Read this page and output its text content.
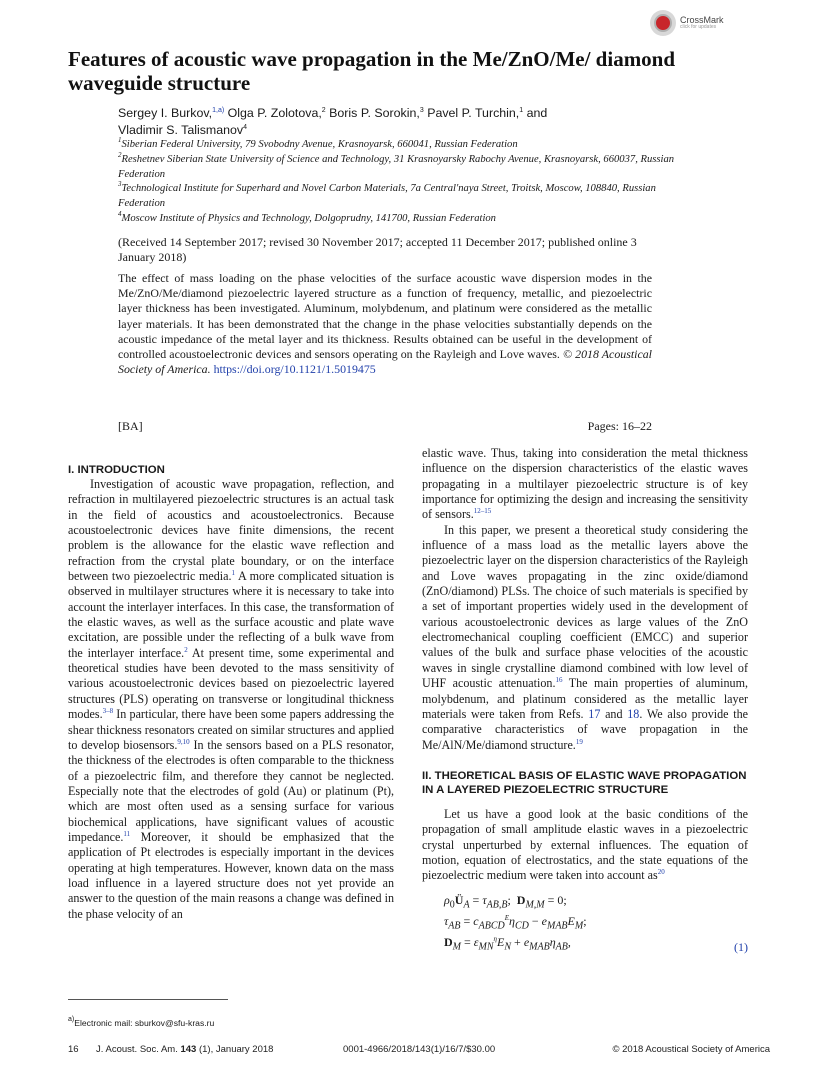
CrossMark
click for updates
Features of acoustic wave propagation in the Me/ZnO/Me/ diamond waveguide structure
Sergey I. Burkov,$^{1,a)}$ Olga P. Zolotova,$^2$ Boris P. Sorokin,$^3$ Pavel P. Turchin,$^1$ and
Vladimir S. Talismanov$^4$
$^1$Siberian Federal University, 79 Svobodny Avenue, Krasnoyarsk, 660041, Russian Federation
$^2$Reshetnev Siberian State University of Science and Technology, 31 Krasnoyarsky Rabochy Avenue, Krasnoyarsk, 660037, Russian Federation
$^3$Technological Institute for Superhard and Novel Carbon Materials, 7a Central'naya Street, Troitsk, Moscow, 108840, Russian Federation
$^4$Moscow Institute of Physics and Technology, Dolgoprudny, 141700, Russian Federation
(Received 14 September 2017; revised 30 November 2017; accepted 11 December 2017; published online 3 January 2018)
The effect of mass loading on the phase velocities of the surface acoustic wave dispersion modes in the Me/ZnO/Me/diamond piezoelectric layered structure as a function of frequency, metallic, and piezoelectric layer thickness has been investigated. Aluminum, molybdenum, and platinum were considered as the metallic layer materials. It has been demonstrated that the change in the phase velocities substantially depends on the acoustic impedance of the metal layer and its thickness. Results obtained can be useful in the development of controlled acoustoelectronic devices and sensors operating on the Rayleigh and Love waves. © 2018 Acoustical Society of America. https://doi.org/10.1121/1.5019475
[BA]	Pages: 16–22

I. INTRODUCTION

Investigation of acoustic wave propagation, reflection, and refraction in multilayered piezoelectric structures is an actual task in the field of acoustics and acoustoelectronics. Because acoustoelectronic devices have finite dimensions, the recent problem is the allowance for the elastic wave reflection and refraction from the crystal plate boundary, or on the interface between two piezoelectric media.$^1$ A more complicated situation is observed in multilayer structures where it is necessary to take into account the interlayer interfaces. In this case, the transformation of the elastic waves, as well as the surface acoustic and plate wave excitation, are possible under the reflecting of a bulk wave from the interlayer interface.$^2$ At present time, some experimental and theoretical studies have been devoted to the mass sensitivity of various acoustoelectronic devices based on piezoelectric layered structures (PLS) operating on transverse or longitudinal thickness modes.$^{3-8}$ In particular, there have been some papers addressing the shear thickness resonators created on similar structures and applied to develop biosensors.$^{9,10}$ In the sensors based on a PLS resonator, the thickness of the electrodes is often comparable to the thickness of a piezoelectric film, and therefore they cannot be neglected. Especially note that the electrodes of gold (Au) or platinum (Pt), which are most often used as a sensing surface for various biochemical applications, have significant values of acoustic impedance.$^{11}$ Moreover, it should be emphasized that the application of Pt electrodes is especially important in the devices operating at high temperatures. However, known data on the mass load influence in a layered structure does not yet provide an answer to the question of the main reasons a change was defined in the phase velocity of an

elastic wave. Thus, taking into consideration the metal thickness influence on the dispersion characteristics of the elastic waves propagating in a multilayer piezoelectric structure is of key importance for optimizing the design and increasing the sensitivity of sensors.$^{12-15}$

In this paper, we present a theoretical study considering the influence of a mass load as the metallic layers above the piezoelectric layer on the dispersion characteristics of the Rayleigh and Love waves propagating in the zinc oxide/diamond (ZnO/diamond) PLSs. The choice of such materials is specified by a set of important properties widely used in the development of various acoustoelectronic devices as large values of the ZnO electromechanical coupling coefficient (EMCC) and superior values of the bulk and surface phase velocities of the acoustic waves in single crystalline diamond combined with low level of UHF acoustic attenuation.$^{16}$ The main properties of aluminum, molybdenum, and platinum considered as the metallic layer materials were taken from Refs. 17 and 18. We also provide the comparative characteristics of wave propagation in the Me/AlN/Me/diamond structure.$^{19}$

II. THEORETICAL BASIS OF ELASTIC WAVE PROPAGATION IN A LAYERED PIEZOELECTRIC STRUCTURE

Let us have a good look at the basic conditions of the propagation of small amplitude elastic waves in a piezoelectric crystal unperturbed by external influences. The equation of motion, equation of electrostatics, and the state equations of the piezoelectric medium were taken into account $as^{20}$

$\rho_0Ü_A = \tau_{AB,B}$;  $D_{M,M} = 0$;
$\tau_{AB} = c_{ABCD}^E\eta_{CD} - e_{MAB}E_M$;
$D_M = \varepsilon_{MN}^\eta E_N + e_{MAB}\eta_{AB}$,	(1)
$^{a)}$Electronic mail: sburkov@sfu-kras.ru
16 J. Acoust. Soc. Am. 143 (1), January 2018	0001-4966/2018/143(1)/16/7/$30.00	© 2018 Acoustical Society of America
